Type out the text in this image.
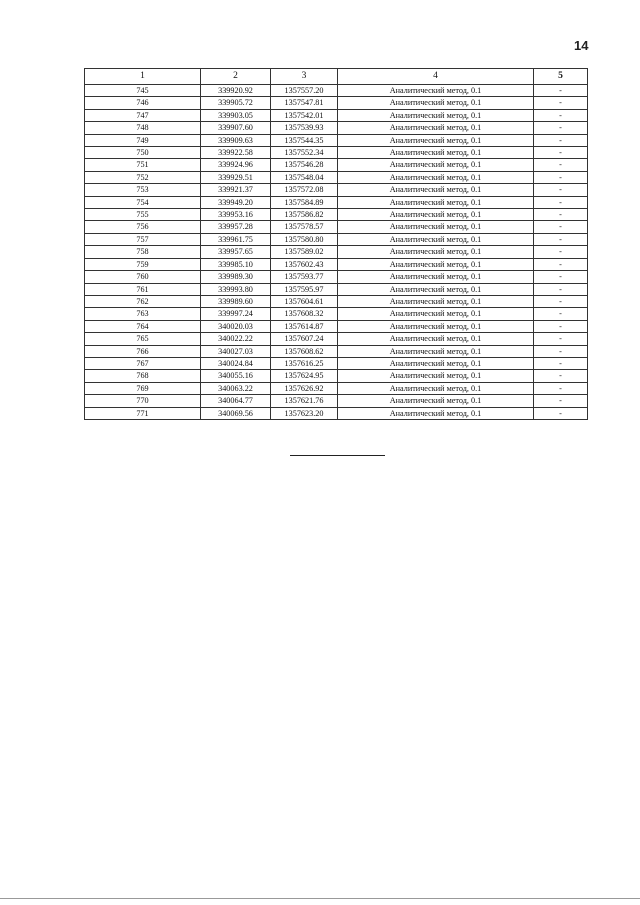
14
1	2	3	4	5
745	339920.92	1357557.20	Аналитический метод, 0.1	-
746	339905.72	1357547.81	Аналитический метод, 0.1	-
747	339903.05	1357542.01	Аналитический метод, 0.1	-
748	339907.60	1357539.93	Аналитический метод, 0.1	-
749	339909.63	1357544.35	Аналитический метод, 0.1	-
750	339922.58	1357552.34	Аналитический метод, 0.1	-
751	339924.96	1357546.28	Аналитический метод, 0.1	-
752	339929.51	1357548.04	Аналитический метод, 0.1	-
753	339921.37	1357572.08	Аналитический метод, 0.1	-
754	339949.20	1357584.89	Аналитический метод, 0.1	-
755	339953.16	1357586.82	Аналитический метод, 0.1	-
756	339957.28	1357578.57	Аналитический метод, 0.1	-
757	339961.75	1357580.80	Аналитический метод, 0.1	-
758	339957.65	1357589.02	Аналитический метод, 0.1	-
759	339985.10	1357602.43	Аналитический метод, 0.1	-
760	339989.30	1357593.77	Аналитический метод, 0.1	-
761	339993.80	1357595.97	Аналитический метод, 0.1	-
762	339989.60	1357604.61	Аналитический метод, 0.1	-
763	339997.24	1357608.32	Аналитический метод, 0.1	-
764	340020.03	1357614.87	Аналитический метод, 0.1	-
765	340022.22	1357607.24	Аналитический метод, 0.1	-
766	340027.03	1357608.62	Аналитический метод, 0.1	-
767	340024.84	1357616.25	Аналитический метод, 0.1	-
768	340055.16	1357624.95	Аналитический метод, 0.1	-
769	340063.22	1357626.92	Аналитический метод, 0.1	-
770	340064.77	1357621.76	Аналитический метод, 0.1	-
771	340069.56	1357623.20	Аналитический метод, 0.1	-
